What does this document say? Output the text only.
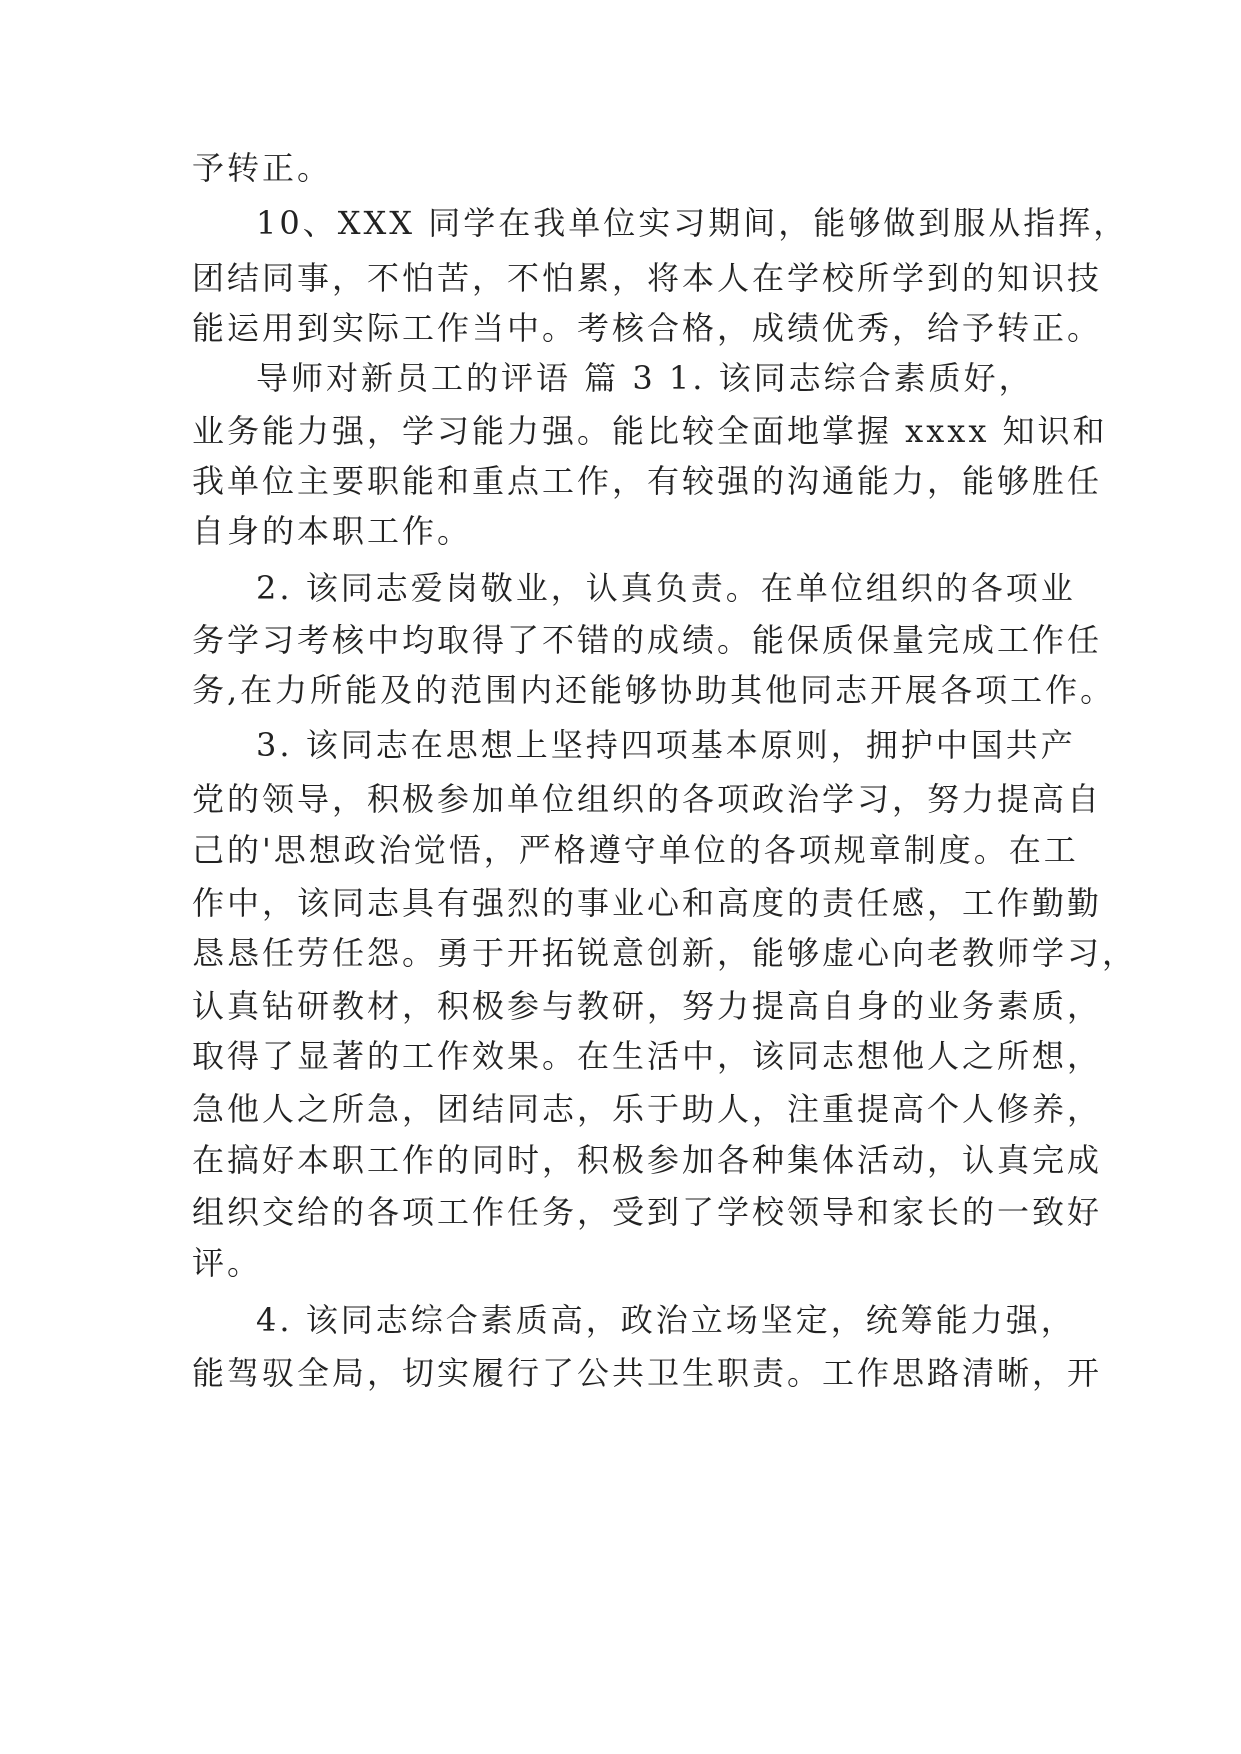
予转正。
10、XXX 同学在我单位实习期间，能够做到服从指挥，
团结同事，不怕苦，不怕累，将本人在学校所学到的知识技
能运用到实际工作当中。考核合格，成绩优秀，给予转正。
导师对新员工的评语 篇 3 1. 该同志综合素质好，
业务能力强，学习能力强。能比较全面地掌握 xxxx 知识和
我单位主要职能和重点工作，有较强的沟通能力，能够胜任
自身的本职工作。
2. 该同志爱岗敬业，认真负责。在单位组织的各项业
务学习考核中均取得了不错的成绩。能保质保量完成工作任
务,在力所能及的范围内还能够协助其他同志开展各项工作。
3. 该同志在思想上坚持四项基本原则，拥护中国共产
党的领导，积极参加单位组织的各项政治学习，努力提高自
己的'思想政治觉悟，严格遵守单位的各项规章制度。在工
作中，该同志具有强烈的事业心和高度的责任感，工作勤勤
恳恳任劳任怨。勇于开拓锐意创新，能够虚心向老教师学习，
认真钻研教材，积极参与教研，努力提高自身的业务素质，
取得了显著的工作效果。在生活中，该同志想他人之所想，
急他人之所急，团结同志，乐于助人，注重提高个人修养，
在搞好本职工作的同时，积极参加各种集体活动，认真完成
组织交给的各项工作任务，受到了学校领导和家长的一致好
评。
4. 该同志综合素质高，政治立场坚定，统筹能力强，
能驾驭全局，切实履行了公共卫生职责。工作思路清晰，开
